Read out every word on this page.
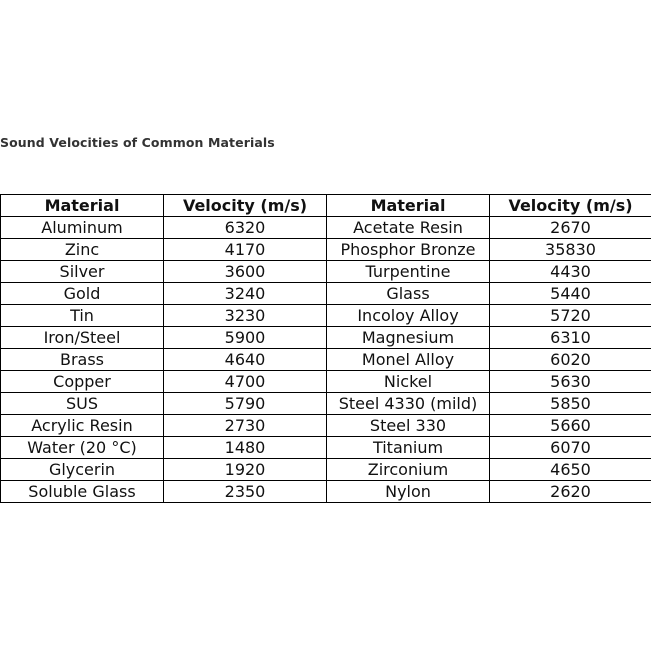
Sound Velocities of Common Materials
Material	Velocity (m/s)	Material	Velocity (m/s)
Aluminum	6320	Acetate Resin	2670
Zinc	4170	Phosphor Bronze	35830
Silver	3600	Turpentine	4430
Gold	3240	Glass	5440
Tin	3230	Incoloy Alloy	5720
Iron/Steel	5900	Magnesium	6310
Brass	4640	Monel Alloy	6020
Copper	4700	Nickel	5630
SUS	5790	Steel 4330 (mild)	5850
Acrylic Resin	2730	Steel 330	5660
Water (20 °C)	1480	Titanium	6070
Glycerin	1920	Zirconium	4650
Soluble Glass	2350	Nylon	2620
